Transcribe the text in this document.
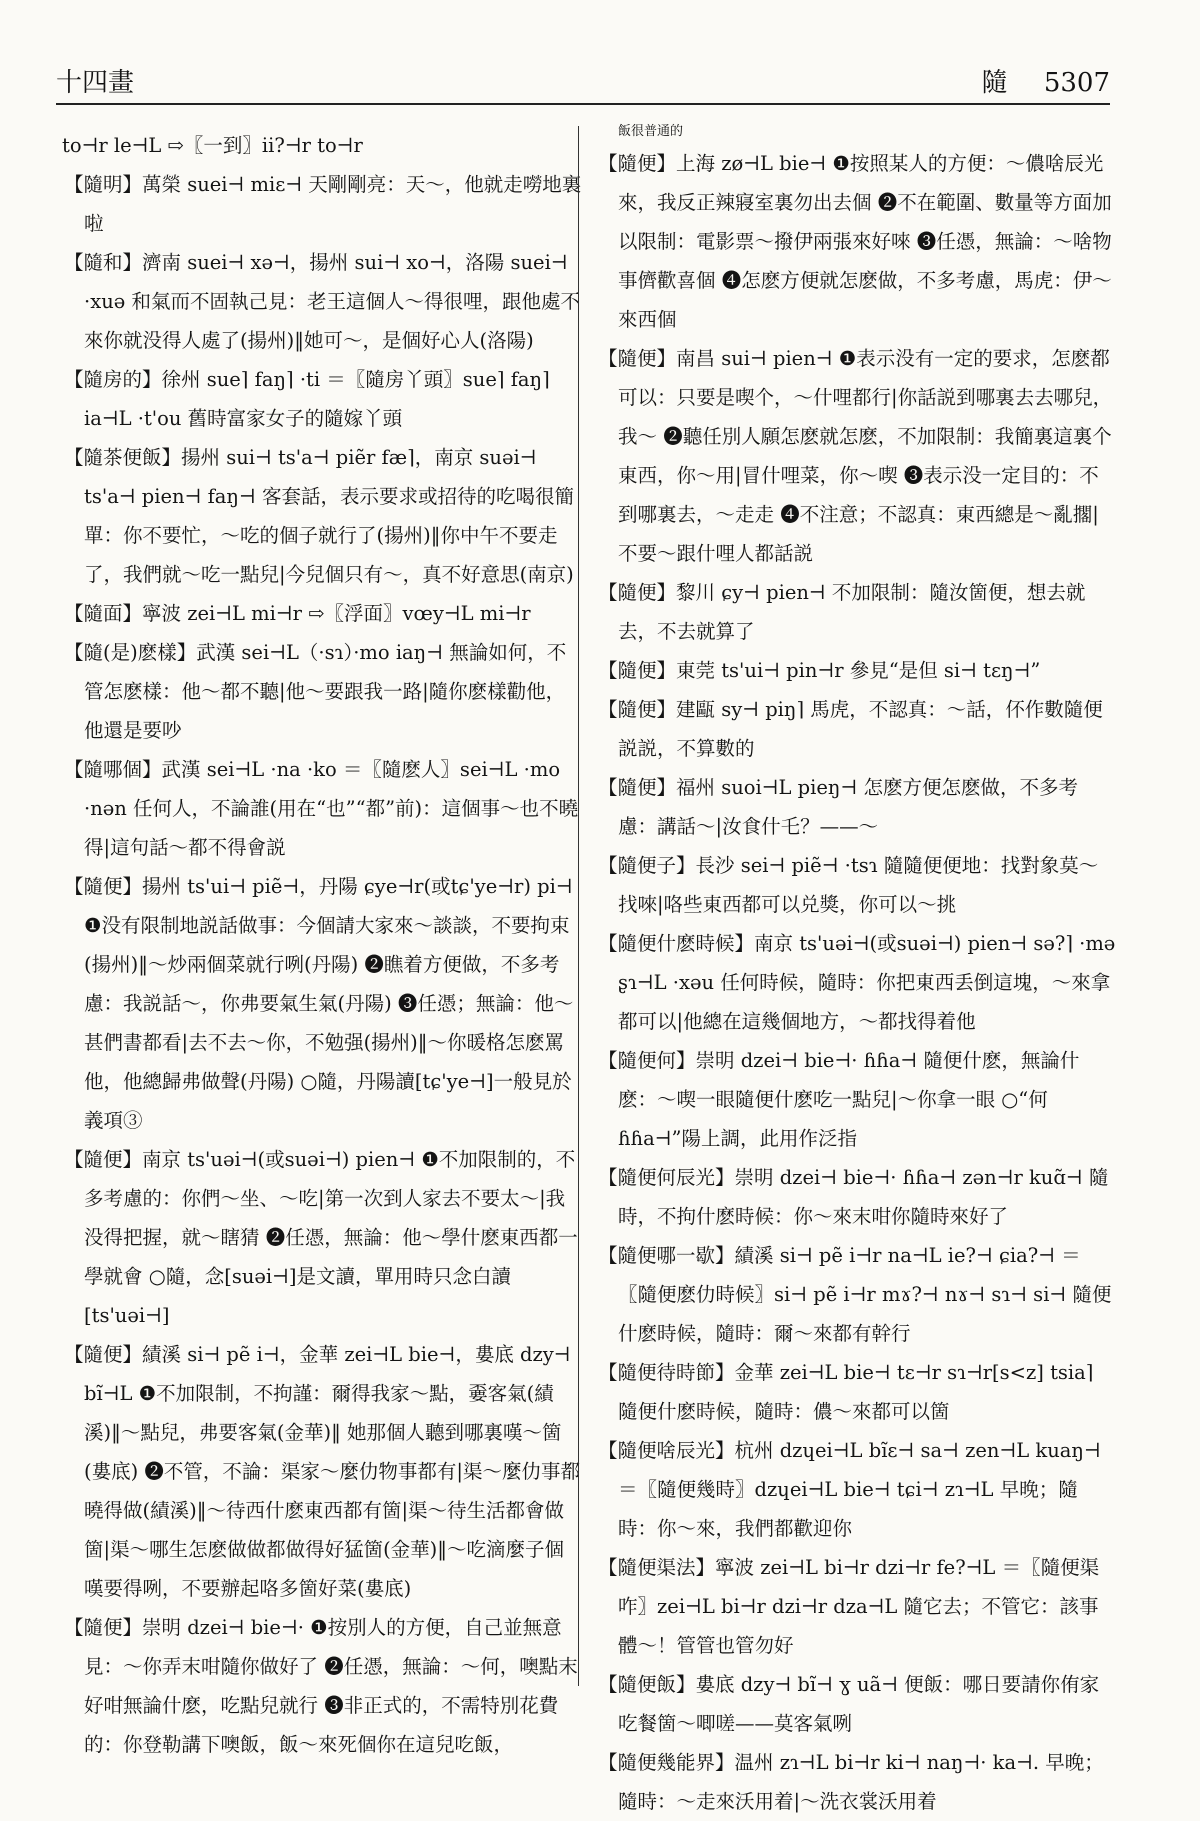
十四畫	隨 5307

to⊣r le⊣L ⇨〖一到〗ii?⊣r to⊣r

【隨明】萬榮 suei⊣ miɛ⊣ 天剛剛亮：天～，他就走嘮地裏啦

【隨和】濟南 suei⊣ xə⊣，揚州 sui⊣ xo⊣，洛陽 suei⊣ ·xuə 和氣而不固執己見：老王這個人～得很哩，跟他處不來你就没得人處了(揚州)‖她可～，是個好心人(洛陽)

【隨房的】徐州 sue⌉ faŋ⌉ ·ti ＝〖隨房丫頭〗sue⌉ faŋ⌉ ia⊣L ·t'ou 舊時富家女子的隨嫁丫頭

【隨茶便飯】揚州 sui⊣ ts'a⊣ piẽr fæ⌉，南京 suəi⊣ ts'a⊣ pien⊣ faŋ⊣ 客套話，表示要求或招待的吃喝很簡單：你不要忙，～吃的個子就行了(揚州)‖你中午不要走了，我們就～吃一點兒|今兒個只有～，真不好意思(南京)

【隨面】寧波 zei⊣L mi⊣r ⇨〖浮面〗vœy⊣L mi⊣r

【隨(是)麽樣】武漢 sei⊣L（·sɿ）·mo iaŋ⊣ 無論如何，不管怎麽樣：他～都不聽|他～要跟我一路|隨你麽樣勸他，他還是要吵

【隨哪個】武漢 sei⊣L ·na ·ko ＝〖隨麽人〗sei⊣L ·mo ·nən 任何人，不論誰(用在“也”“都”前)：這個事～也不曉得|這句話～都不得會説

【隨便】揚州 ts'ui⊣ piẽ⊣，丹陽 ɕye⊣r(或tɕ'ye⊣r) pi⊣ ❶没有限制地説話做事：今個請大家來～談談，不要拘束(揚州)‖～炒兩個菜就行咧(丹陽) ❷瞧着方便做，不多考慮：我説話～，你弗要氣生氣(丹陽) ❸任憑；無論：他～甚們書都看|去不去～你，不勉强(揚州)‖～你暖格怎麽罵他，他總歸弗做聲(丹陽) ○隨，丹陽讀[tɕ'ye⊣]一般見於義項③

【隨便】南京 ts'uəi⊣(或suəi⊣) pien⊣ ❶不加限制的，不多考慮的：你們～坐、～吃|第一次到人家去不要太～|我没得把握，就～瞎猜 ❷任憑，無論：他～學什麽東西都一學就會 ○隨，念[suəi⊣]是文讀，單用時只念白讀[ts'uəi⊣]

【隨便】績溪 si⊣ pẽ i⊣，金華 zei⊣L bie⊣，婁底 dzy⊣ bĩ⊣L ❶不加限制，不拘謹：爾得我家～點，嫑客氣(績溪)‖～點兒，弗要客氣(金華)‖ 她那個人聽到哪裏嘆～箇(婁底) ❷不管，不論：渠家～麼仂物事都有|渠～麼仂事都曉得做(績溪)‖～待西什麽東西都有箇|渠～待生活都會做箇|渠～哪生怎麽做做都做得好猛箇(金華)‖～吃滴麼子個嘆要得咧，不要辦起咯多箇好菜(婁底)

【隨便】崇明 dzei⊣ bie⊣· ❶按別人的方便，自己並無意見：～你弄末咁隨你做好了 ❷任憑，無論：～何，噢點末好咁無論什麽，吃點兒就行 ❸非正式的，不需特別花費的：你登勒講下噢飯，飯～來死個你在這兒吃飯，

飯很普通的

【隨便】上海 zø⊣L bie⊣ ❶按照某人的方便：～儂啥辰光來，我反正辣寢室裏勿出去個 ❷不在範圍、數量等方面加以限制：電影票～撥伊兩張來好唻 ❸任憑，無論：～啥物事儕歡喜個 ❹怎麽方便就怎麽做，不多考慮，馬虎：伊～來西個

【隨便】南昌 sui⊣ pien⊣ ❶表示没有一定的要求，怎麽都可以：只要是喫个，～什哩都行|你話説到哪裏去去哪兒，我～ ❷聽任別人願怎麽就怎麽，不加限制：我簡裏這裏个東西，你～用|冒什哩菜，你～喫 ❸表示没一定目的：不到哪裏去，～走走 ❹不注意；不認真：東西總是～亂擱|不要～跟什哩人都話説

【隨便】黎川 ɕy⊣ pien⊣ 不加限制：隨汝箇便，想去就去，不去就算了

【隨便】東莞 ts'ui⊣ pin⊣r 參見“是但 si⊣ tɛŋ⊣”

【隨便】建甌 sy⊣ piŋ⌉ 馬虎，不認真：～話，伓作數隨便説説，不算數的

【隨便】福州 suoi⊣L pieŋ⊣ 怎麽方便怎麽做，不多考慮：講話～|汝食什乇？——～

【隨便子】長沙 sei⊣ piẽ⊣ ·tsɿ 隨隨便便地：找對象莫～找唻|咯些東西都可以兑獎，你可以～挑

【隨便什麽時候】南京 ts'uəi⊣(或suəi⊣) pien⊣ sə?⌉ ·mə ʂɿ⊣L ·xəu 任何時候，隨時：你把東西丢倒這塊，～來拿都可以|他總在這幾個地方，～都找得着他

【隨便何】崇明 dzei⊣ bie⊣· ɦɦa⊣ 隨便什麽，無論什麽：～喫一眼隨便什麽吃一點兒|～你拿一眼 ○“何ɦɦa⊣”陽上調，此用作泛指

【隨便何辰光】崇明 dzei⊣ bie⊣· ɦɦa⊣ zən⊣r kuɑ̃⊣ 隨時，不拘什麽時候：你～來末咁你隨時來好了

【隨便哪一歇】績溪 si⊣ pẽ i⊣r na⊣L ie?⊣ ɕia?⊣ ＝〖隨便麽仂時候〗si⊣ pẽ i⊣r mɤ?⊣ nɤ⊣ sɿ⊣ si⊣ 隨便什麽時候，隨時：爾～來都有幹行

【隨便待時節】金華 zei⊣L bie⊣ tɛ⊣r sɿ⊣r[s<z] tsia⌉ 隨便什麽時候，隨時：儂～來都可以箇

【隨便啥辰光】杭州 dzɥei⊣L bĩɛ⊣ sa⊣ zen⊣L kuaŋ⊣ ＝〖隨便幾時〗dzɥei⊣L bie⊣ tɕi⊣ zɿ⊣L 早晚；隨時：你～來，我們都歡迎你

【隨便渠法】寧波 zei⊣L bi⊣r dzi⊣r fe?⊣L ＝〖隨便渠咋〗zei⊣L bi⊣r dzi⊣r dza⊣L 隨它去；不管它：該事體～！管管也管勿好

【隨便飯】婁底 dzy⊣ bĩ⊣ ɣ uã⊣ 便飯：哪日要請你侑家吃餐箇～唧嗟——莫客氣咧

【隨便幾能界】温州 zɿ⊣L bi⊣r ki⊣ naŋ⊣· ka⊣. 早晚；隨時：～走來沃用着|～洗衣裳沃用着
